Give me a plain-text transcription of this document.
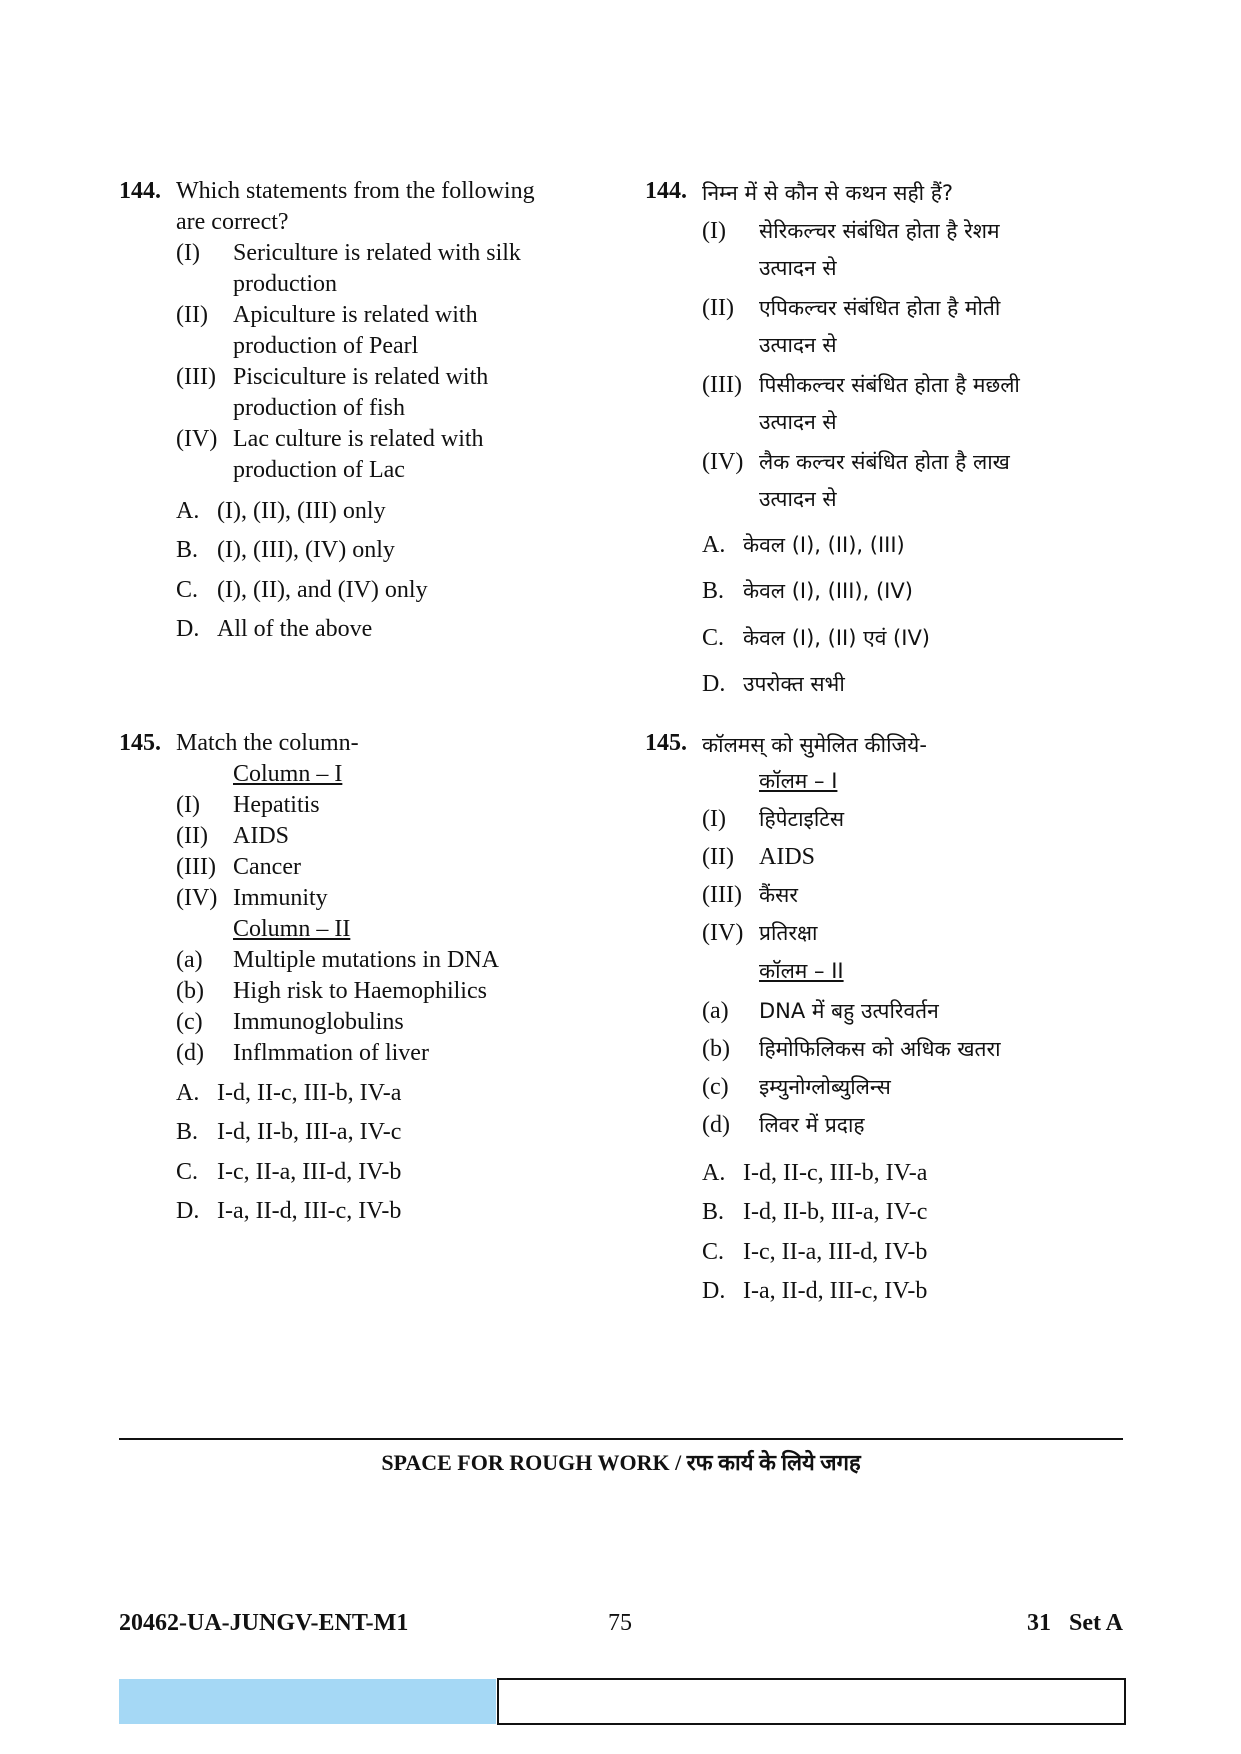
144. Which statements from the following
are correct?
(I) Sericulture is related with silk
production
(II) Apiculture is related with
production of Pearl
(III) Pisciculture is related with
production of fish
(IV) Lac culture is related with
production of Lac
A. (I), (II), (III) only
B. (I), (III), (IV) only
C. (I), (II), and (IV) only
D. All of the above
144. निम्न में से कौन से कथन सही हैं?
(I) सेरिकल्चर संबंधित होता है रेशम
उत्पादन से
(II) एपिकल्चर संबंधित होता है मोती
उत्पादन से
(III) पिसीकल्चर संबंधित होता है मछली
उत्पादन से
(IV) लैक कल्चर संबंधित होता है लाख
उत्पादन से
A. केवल (I), (II), (III)
B. केवल (I), (III), (IV)
C. केवल (I), (II) एवं (IV)
D. उपरोक्त सभी
145. Match the column-
Column – I
(I) Hepatitis
(II) AIDS
(III) Cancer
(IV) Immunity
Column – II
(a) Multiple mutations in DNA
(b) High risk to Haemophilics
(c) Immunoglobulins
(d) Inflmmation of liver
A. I-d, II-c, III-b, IV-a
B. I-d, II-b, III-a, IV-c
C. I-c, II-a, III-d, IV-b
D. I-a, II-d, III-c, IV-b
145. कॉलमस् को सुमेलित कीजिये-
कॉलम – I
(I) हिपेटाइटिस
(II) AIDS
(III) कैंसर
(IV) प्रतिरक्षा
कॉलम – II
(a) DNA में बहु उत्परिवर्तन
(b) हिमोफिलिकस को अधिक खतरा
(c) इम्युनोग्लोब्युलिन्स
(d) लिवर में प्रदाह
A. I-d, II-c, III-b, IV-a
B. I-d, II-b, III-a, IV-c
C. I-c, II-a, III-d, IV-b
D. I-a, II-d, III-c, IV-b
SPACE FOR ROUGH WORK / रफ कार्य के लिये जगह
20462-UA-JUNGV-ENT-M1	75	31   Set A
